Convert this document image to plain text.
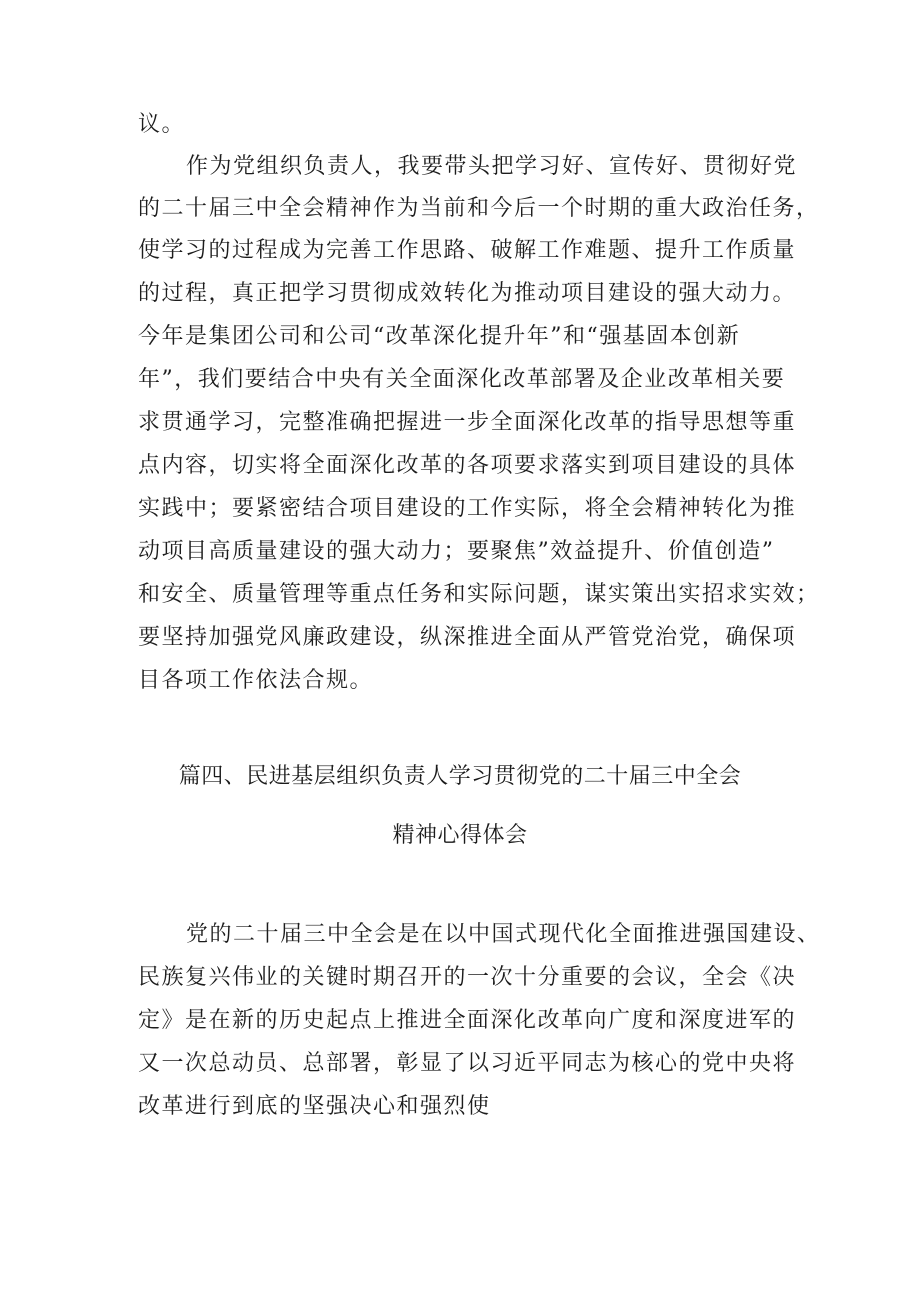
议。
作为党组织负责人，我要带头把学习好、宣传好、贯彻好党
的二十届三中全会精神作为当前和今后一个时期的重大政治任务，
使学习的过程成为完善工作思路、破解工作难题、提升工作质量
的过程，真正把学习贯彻成效转化为推动项目建设的强大动力。
今年是集团公司和公司“改革深化提升年”和“强基固本创新
年”，我们要结合中央有关全面深化改革部署及企业改革相关要
求贯通学习，完整准确把握进一步全面深化改革的指导思想等重
点内容，切实将全面深化改革的各项要求落实到项目建设的具体
实践中；要紧密结合项目建设的工作实际，将全会精神转化为推
动项目高质量建设的强大动力；要聚焦”效益提升、价值创造”
和安全、质量管理等重点任务和实际问题，谋实策出实招求实效；
要坚持加强党风廉政建设，纵深推进全面从严管党治党，确保项
目各项工作依法合规。
篇四、民进基层组织负责人学习贯彻党的二十届三中全会
精神心得体会
党的二十届三中全会是在以中国式现代化全面推进强国建设、
民族复兴伟业的关键时期召开的一次十分重要的会议，全会《决
定》是在新的历史起点上推进全面深化改革向广度和深度进军的
又一次总动员、总部署，彰显了以习近平同志为核心的党中央将
改革进行到底的坚强决心和强烈使
